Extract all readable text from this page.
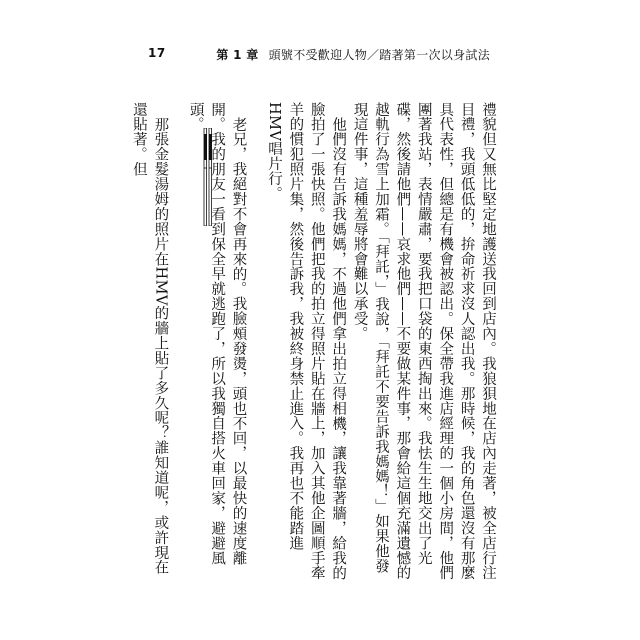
17	第 1 章 頭號不受歡迎人物／踏著第一次以身試法

禮貌但又無比堅定地護送我回到店內。我狼狽地在店內走著，被全店行注目禮，我頭低低的，拚命祈求沒人認出我。那時候，我的角色還沒有那麼具代表性，但總是有機會被認出。保全帶我進店經理的一個小房間，他們團著我站，表情嚴肅，要我把口袋的東西掏出來。我怯生生地交出了光碟，然後請他們——哀求他們——不要做某件事，那會給這個充滿遺憾的越軌行為雪上加霜。「拜託，」我說，「拜託不要告訴我媽媽！」如果他發現這件事，這種羞辱將會難以承受。

他們沒有告訴我媽媽，不過他們拿出拍立得相機，讓我靠著牆，給我的臉拍了一張快照。他們把我的拍立得照片貼在牆上，加入其他企圖順手牽羊的慣犯照片集，然後告訴我，我被終身禁止進入。我再也不能踏進HMV唱片行。

老兄，我絕對不會再來的。我臉頰發燙，頭也不回，以最快的速度離開。我的朋友一看到保全早就逃跑了，所以我獨自搭火車回家，避避風頭。

那張金髮湯姆的照片在HMV的牆上貼了多久呢？誰知道呢，或許現在還貼著。但
